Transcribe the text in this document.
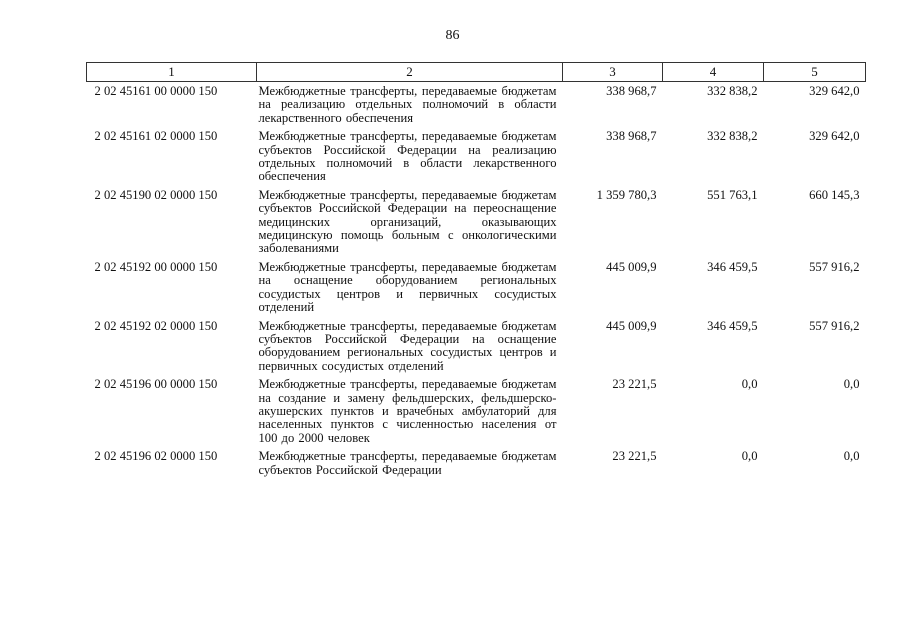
86
1	2	3	4	5
2 02 45161 00 0000 150	Межбюджетные трансферты, передаваемые бюджетам на реализацию отдельных полномочий в области лекарственного обеспечения	338 968,7	332 838,2	329 642,0
2 02 45161 02 0000 150	Межбюджетные трансферты, передаваемые бюджетам субъектов Российской Федерации на реализацию отдельных полномочий в области лекарственного обеспечения	338 968,7	332 838,2	329 642,0
2 02 45190 02 0000 150	Межбюджетные трансферты, передаваемые бюджетам субъектов Российской Федерации на переоснащение медицинских организаций, оказывающих медицинскую помощь больным с онкологическими заболеваниями	1 359 780,3	551 763,1	660 145,3
2 02 45192 00 0000 150	Межбюджетные трансферты, передаваемые бюджетам на оснащение оборудованием региональных сосудистых центров и первичных сосудистых отделений	445 009,9	346 459,5	557 916,2
2 02 45192 02 0000 150	Межбюджетные трансферты, передаваемые бюджетам субъектов Российской Федерации на оснащение оборудованием региональных сосудистых центров и первичных сосудистых отделений	445 009,9	346 459,5	557 916,2
2 02 45196 00 0000 150	Межбюджетные трансферты, передаваемые бюджетам на создание и замену фельдшерских, фельдшерско-акушерских пунктов и врачебных амбулаторий для населенных пунктов с численностью населения от 100 до 2000 человек	23 221,5	0,0	0,0
2 02 45196 02 0000 150	Межбюджетные трансферты, передаваемые бюджетам субъектов Российской Федерации	23 221,5	0,0	0,0
